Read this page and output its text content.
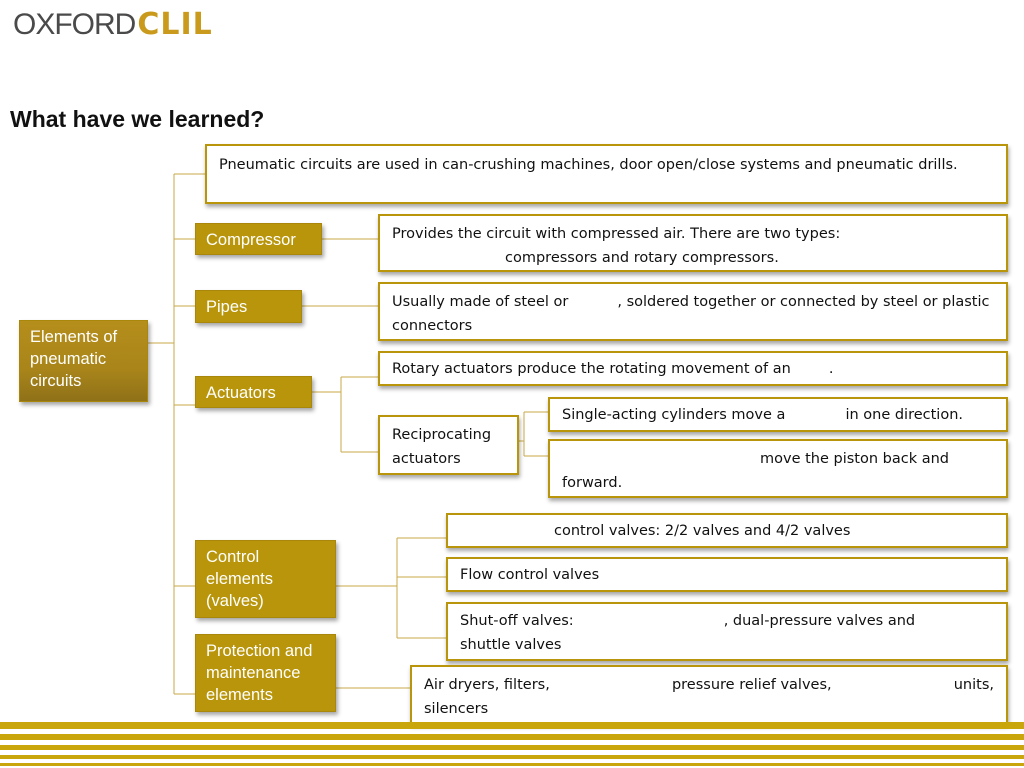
OXFORD CLIL
What have we learned?
Elements of pneumatic circuits
Pneumatic circuits are used in can-crushing machines, door open/close systems and pneumatic drills.
Compressor	Provides the circuit with compressed air. There are two types:
compressors and rotary compressors.
Pipes	Usually made of steel or	, soldered together or connected by steel or plastic connectors
Actuators
Rotary actuators produce the rotating movement of an	.
Reciprocating actuators
Single-acting cylinders move a	in one direction.
move the piston back and
forward.
Control elements (valves)
control valves: 2/2 valves and 4/2 valves
Flow control valves
Shut-off valves:	, dual-pressure valves and
shuttle valves
Protection and maintenance elements
Air dryers, filters,	pressure relief valves,	units,
silencers
